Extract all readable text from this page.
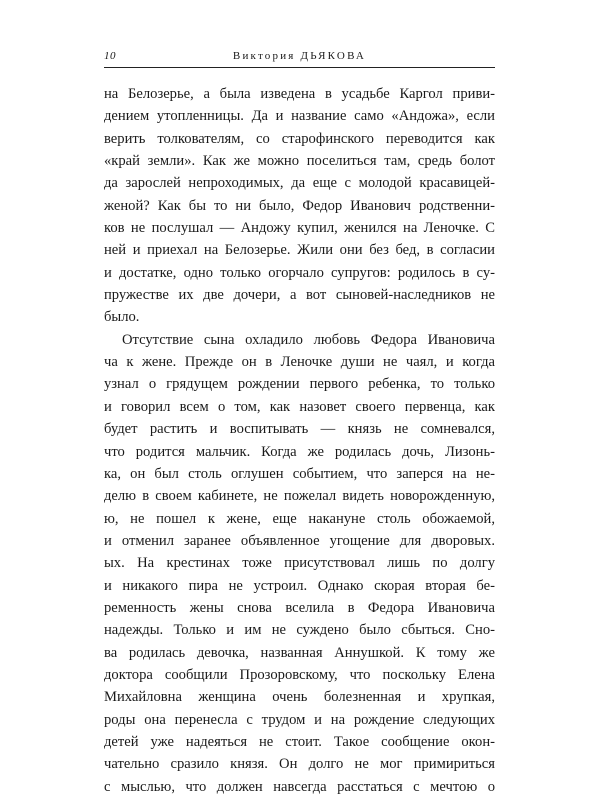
10	Виктория ДЬЯКОВА
на Белозерье, а была изведена в усадьбе Каргол приви-
дением утопленницы. Да и название само «Андожа», если
верить толкователям, со старофинского переводится как
«край земли». Как же можно поселиться там, средь болот
да зарослей непроходимых, да еще с молодой красавицей-
женой? Как бы то ни было, Федор Иванович родственни-
ков не послушал — Андожу купил, женился на Леночке. С
ней и приехал на Белозерье. Жили они без бед, в согласии
и достатке, одно только огорчало супругов: родилось в су-
пружестве их две дочери, а вот сыновей-наследников не
было.
Отсутствие сына охладило любовь Федора Ивановича
ча к жене. Прежде он в Леночке души не чаял, и когда
узнал о грядущем рождении первого ребенка, то только
и говорил всем о том, как назовет своего первенца, как
будет растить и воспитывать — князь не сомневался,
что родится мальчик. Когда же родилась дочь, Лизонь-
ка, он был столь оглушен событием, что заперся на не-
делю в своем кабинете, не пожелал видеть новорожденную,
ю, не пошел к жене, еще накануне столь обожаемой,
и отменил заранее объявленное угощение для дворовых.
ых. На крестинах тоже присутствовал лишь по долгу
и никакого пира не устроил. Однако скорая вторая бе-
ременность жены снова вселила в Федора Ивановича
надежды. Только и им не суждено было сбыться. Сно-
ва родилась девочка, названная Аннушкой. К тому же
доктора сообщили Прозоровскому, что поскольку Елена
Михайловна женщина очень болезненная и хрупкая,
роды она перенесла с трудом и на рождение следующих
детей уже надеяться не стоит. Такое сообщение окон-
чательно сразило князя. Он долго не мог примириться
с мыслью, что должен навсегда расстаться с мечтою о
